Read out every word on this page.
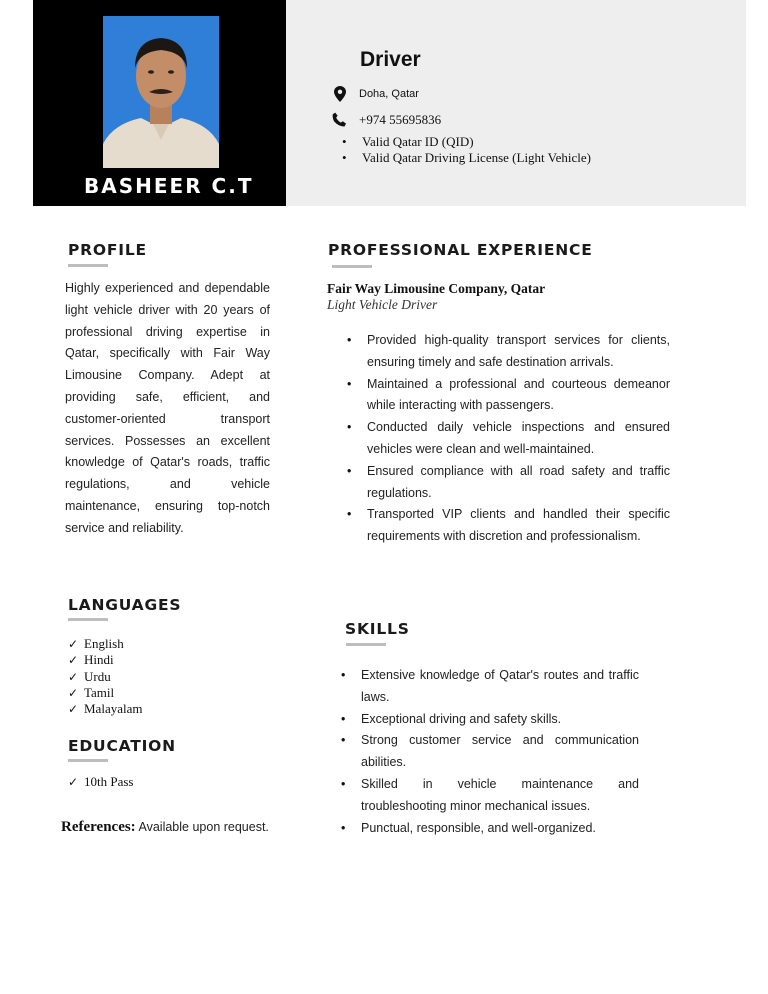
BASHEER C.T
Driver
Doha, Qatar
+974 55695836
• Valid Qatar ID (QID)
• Valid Qatar Driving License (Light Vehicle)
PROFILE

Highly experienced and dependable light vehicle driver with 20 years of professional driving expertise in Qatar, specifically with Fair Way Limousine Company. Adept at providing safe, efficient, and customer-oriented transport services. Possesses an excellent knowledge of Qatar's roads, traffic regulations, and vehicle maintenance, ensuring top-notch service and reliability.

LANGUAGES
✓ English
✓ Hindi
✓ Urdu
✓ Tamil
✓ Malayalam
EDUCATION
✓ 10th Pass
References: Available upon request.
PROFESSIONAL EXPERIENCE
Fair Way Limousine Company, Qatar
Light Vehicle Driver
• Provided high-quality transport services for clients, ensuring timely and safe destination arrivals.
• Maintained a professional and courteous demeanor while interacting with passengers.
• Conducted daily vehicle inspections and ensured vehicles were clean and well-maintained.
• Ensured compliance with all road safety and traffic regulations.
• Transported VIP clients and handled their specific requirements with discretion and professionalism.
SKILLS
• Extensive knowledge of Qatar's routes and traffic laws.
• Exceptional driving and safety skills.
• Strong customer service and communication abilities.
• Skilled in vehicle maintenance and troubleshooting minor mechanical issues.
• Punctual, responsible, and well-organized.
